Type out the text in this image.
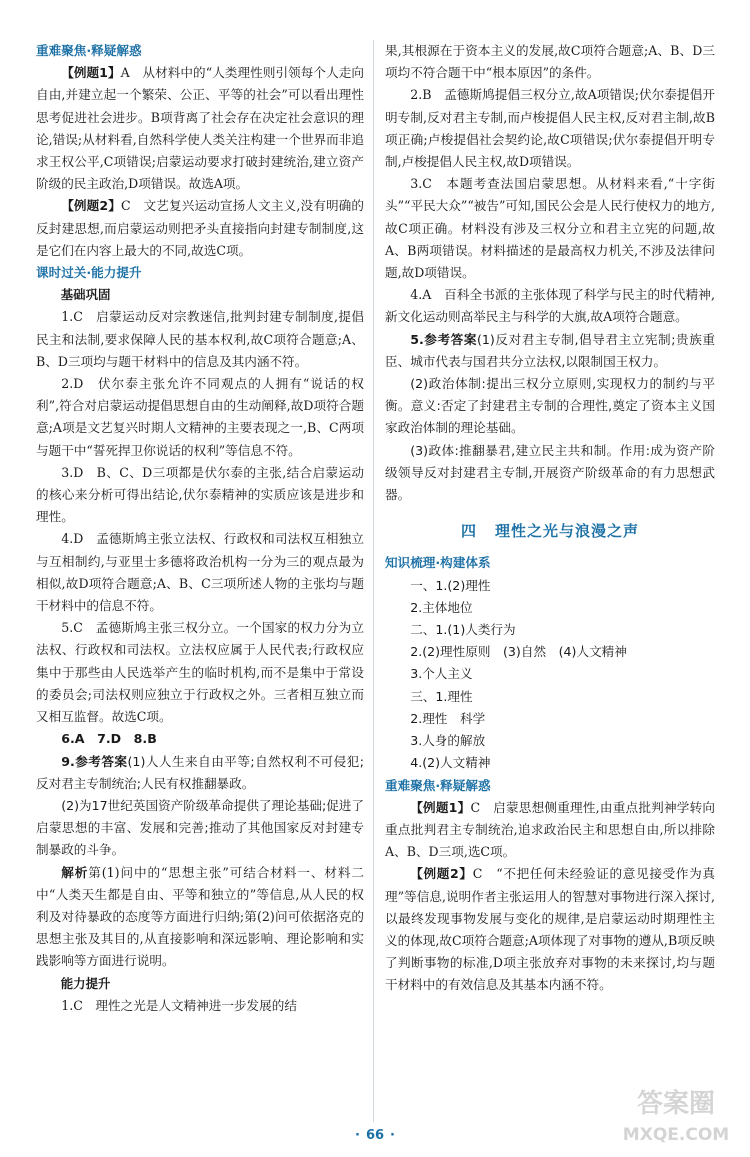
重难聚焦·释疑解惑

【例题1】A　从材料中的“人类理性则引领每个人走向自由,并建立起一个繁荣、公正、平等的社会”可以看出理性思考促进社会进步。B项背离了社会存在决定社会意识的理论,错误;从材料看,自然科学使人类关注构建一个世界而非追求王权公平,C项错误;启蒙运动要求打破封建统治,建立资产阶级的民主政治,D项错误。故选A项。

【例题2】C　文艺复兴运动宣扬人文主义,没有明确的反封建思想,而启蒙运动则把矛头直接指向封建专制制度,这是它们在内容上最大的不同,故选C项。

课时过关·能力提升

基础巩固

1.C　启蒙运动反对宗教迷信,批判封建专制制度,提倡民主和法制,要求保障人民的基本权利,故C项符合题意;A、B、D三项均与题干材料中的信息及其内涵不符。

2.D　伏尔泰主张允许不同观点的人拥有“说话的权利”,符合对启蒙运动提倡思想自由的生动阐释,故D项符合题意;A项是文艺复兴时期人文精神的主要表现之一,B、C两项与题干中“誓死捍卫你说话的权利”等信息不符。

3.D　B、C、D三项都是伏尔泰的主张,结合启蒙运动的核心来分析可得出结论,伏尔泰精神的实质应该是进步和理性。

4.D　孟德斯鸠主张立法权、行政权和司法权互相独立与互相制约,与亚里士多德将政治机构一分为三的观点最为相似,故D项符合题意;A、B、C三项所述人物的主张均与题干材料中的信息不符。

5.C　孟德斯鸠主张三权分立。一个国家的权力分为立法权、行政权和司法权。立法权应属于人民代表;行政权应集中于那些由人民选举产生的临时机构,而不是集中于常设的委员会;司法权则应独立于行政权之外。三者相互独立而又相互监督。故选C项。

6.A　7.D　8.B

9.参考答案(1)人人生来自由平等;自然权利不可侵犯;反对君主专制统治;人民有权推翻暴政。

(2)为17世纪英国资产阶级革命提供了理论基础;促进了启蒙思想的丰富、发展和完善;推动了其他国家反对封建专制暴政的斗争。

解析第(1)问中的“思想主张”可结合材料一、材料二中“人类天生都是自由、平等和独立的”等信息,从人民的权利及对待暴政的态度等方面进行归纳;第(2)问可依据洛克的思想主张及其目的,从直接影响和深远影响、理论影响和实践影响等方面进行说明。

能力提升

1.C　理性之光是人文精神进一步发展的结

果,其根源在于资本主义的发展,故C项符合题意;A、B、D三项均不符合题干中“根本原因”的条件。

2.B　孟德斯鸠提倡三权分立,故A项错误;伏尔泰提倡开明专制,反对君主专制,而卢梭提倡人民主权,反对君主制,故B项正确;卢梭提倡社会契约论,故C项错误;伏尔泰提倡开明专制,卢梭提倡人民主权,故D项错误。

3.C　本题考查法国启蒙思想。从材料来看,“十字街头”“平民大众”“被告”可知,国民公会是人民行使权力的地方,故C项正确。材料没有涉及三权分立和君主立宪的问题,故A、B两项错误。材料描述的是最高权力机关,不涉及法律问题,故D项错误。

4.A　百科全书派的主张体现了科学与民主的时代精神,新文化运动则高举民主与科学的大旗,故A项符合题意。

5.参考答案(1)反对君主专制,倡导君主立宪制;贵族重臣、城市代表与国君共分立法权,以限制国王权力。

(2)政治体制:提出三权分立原则,实现权力的制约与平衡。意义:否定了封建君主专制的合理性,奠定了资本主义国家政治体制的理论基础。

(3)政体:推翻暴君,建立民主共和制。作用:成为资产阶级领导反对封建君主专制,开展资产阶级革命的有力思想武器。

四 理性之光与浪漫之声

知识梳理·构建体系

一、1.(2)理性

2.主体地位

二、1.(1)人类行为

2.(2)理性原则　(3)自然　(4)人文精神

3.个人主义

三、1.理性

2.理性　科学

3.人身的解放

4.(2)人文精神

重难聚焦·释疑解惑

【例题1】C　启蒙思想侧重理性,由重点批判神学转向重点批判君主专制统治,追求政治民主和思想自由,所以排除A、B、D三项,选C项。

【例题2】C　“不把任何未经验证的意见接受作为真理”等信息,说明作者主张运用人的智慧对事物进行深入探讨,以最终发现事物发展与变化的规律,是启蒙运动时期理性主义的体现,故C项符合题意;A项体现了对事物的遵从,B项反映了判断事物的标准,D项主张放弃对事物的未来探讨,均与题干材料中的有效信息及其基本内涵不符。

· 66 ·
答案圈
MXQE.COM
